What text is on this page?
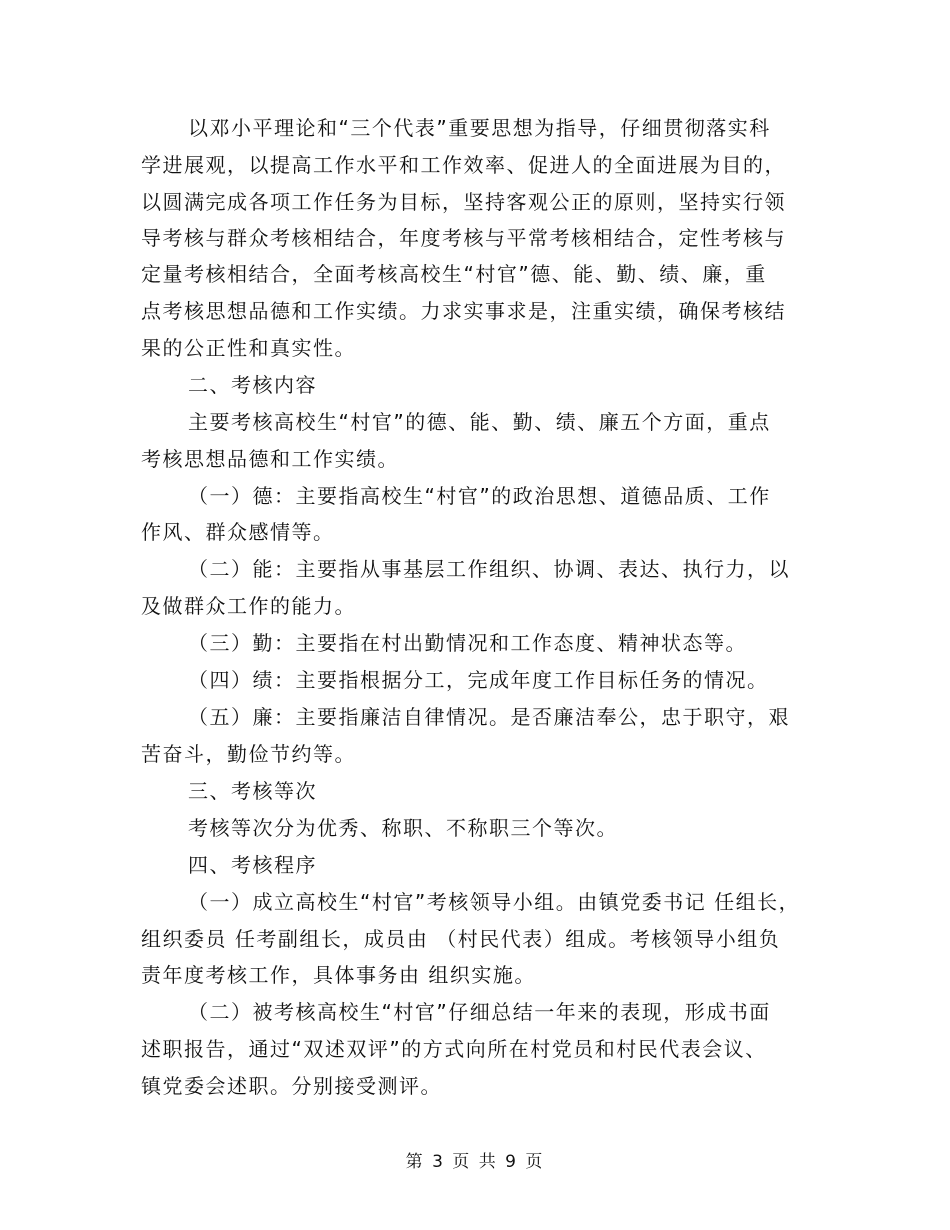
以邓小平理论和“三个代表”重要思想为指导，仔细贯彻落实科
学进展观，以提高工作水平和工作效率、促进人的全面进展为目的，
以圆满完成各项工作任务为目标，坚持客观公正的原则，坚持实行领
导考核与群众考核相结合，年度考核与平常考核相结合，定性考核与
定量考核相结合，全面考核高校生“村官”德、能、勤、绩、廉，重
点考核思想品德和工作实绩。力求实事求是，注重实绩，确保考核结
果的公正性和真实性。
二、考核内容
主要考核高校生“村官”的德、能、勤、绩、廉五个方面，重点
考核思想品德和工作实绩。
（一）德：主要指高校生“村官”的政治思想、道德品质、工作
作风、群众感情等。
（二）能：主要指从事基层工作组织、协调、表达、执行力，以
及做群众工作的能力。
（三）勤：主要指在村出勤情况和工作态度、精神状态等。
（四）绩：主要指根据分工，完成年度工作目标任务的情况。
（五）廉：主要指廉洁自律情况。是否廉洁奉公，忠于职守，艰
苦奋斗，勤俭节约等。
三、考核等次
考核等次分为优秀、称职、不称职三个等次。
四、考核程序
（一）成立高校生“村官”考核领导小组。由镇党委书记 任组长，
组织委员 任考副组长，成员由 （村民代表）组成。考核领导小组负
责年度考核工作，具体事务由 组织实施。
（二）被考核高校生“村官”仔细总结一年来的表现，形成书面
述职报告，通过“双述双评”的方式向所在村党员和村民代表会议、
镇党委会述职。分别接受测评。
第 3 页 共 9 页
